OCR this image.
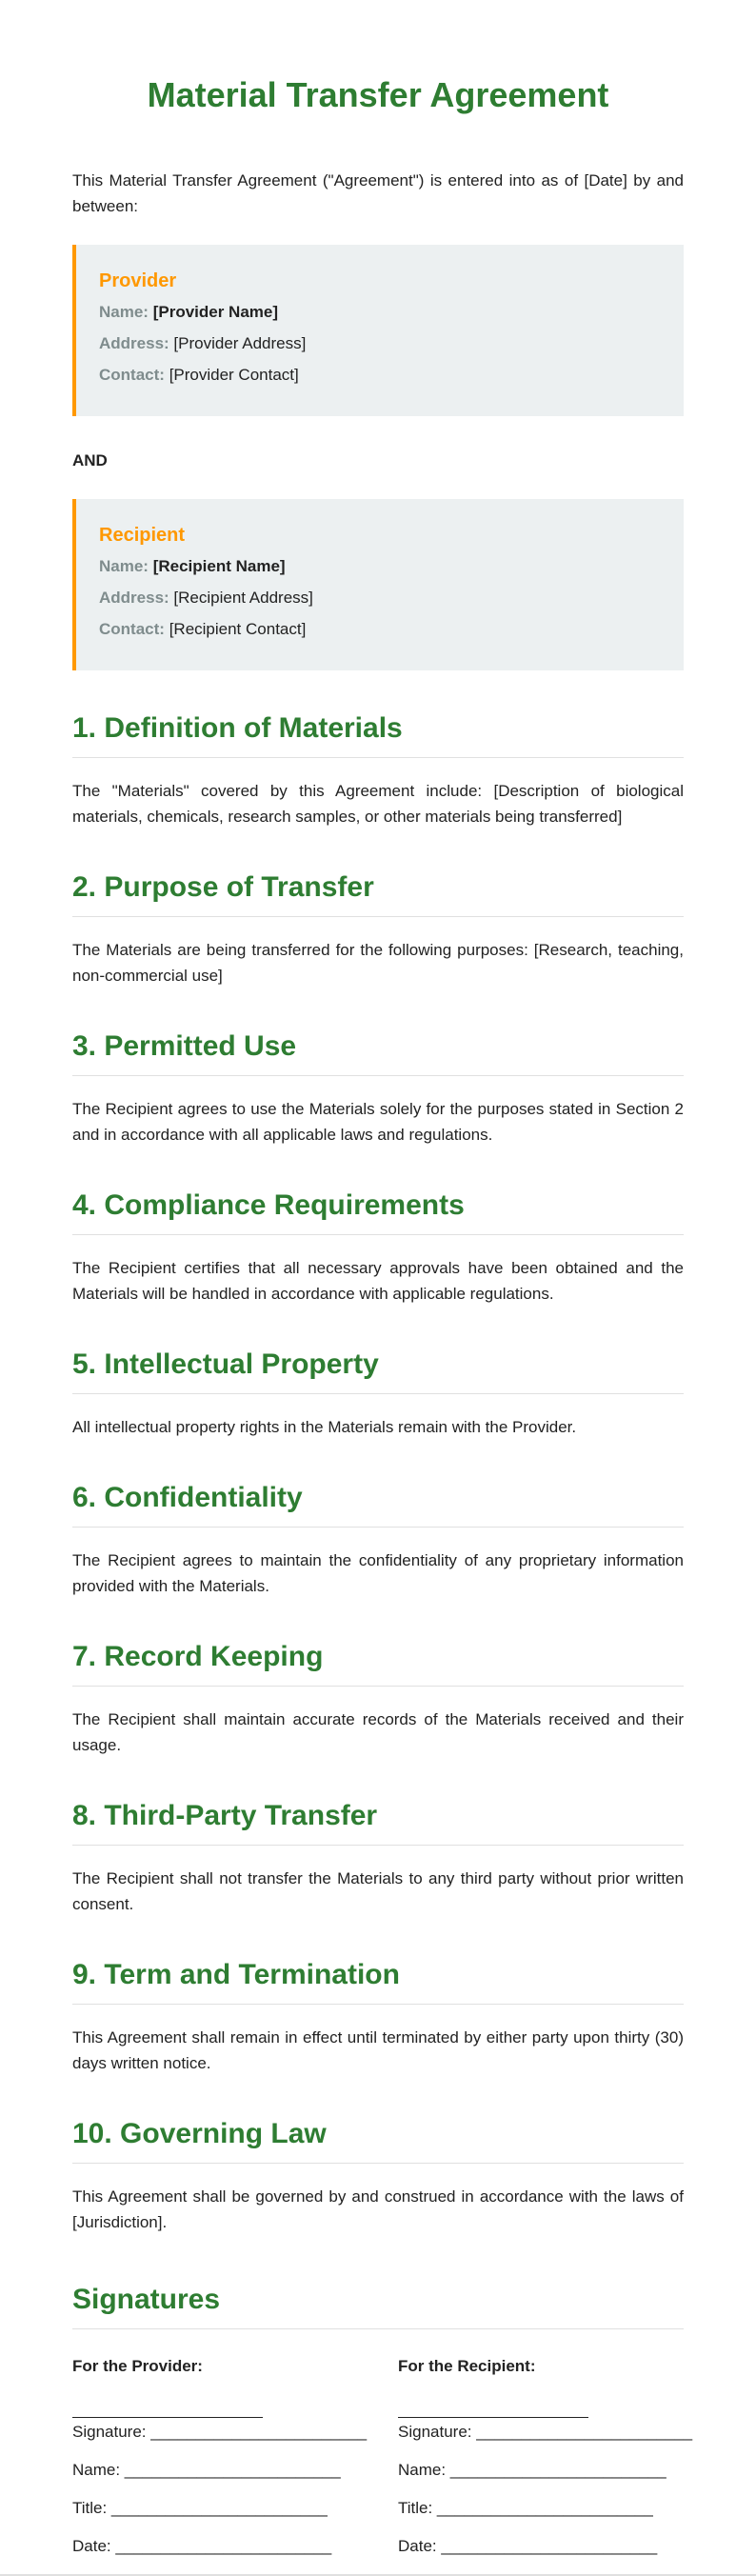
Material Transfer Agreement

This Material Transfer Agreement ("Agreement") is entered into as of [Date] by and between:

Provider
Name: [Provider Name]
Address: [Provider Address]
Contact: [Provider Contact]
AND
Recipient
Name: [Recipient Name]
Address: [Recipient Address]
Contact: [Recipient Contact]
1. Definition of Materials

The "Materials" covered by this Agreement include: [Description of biological materials, chemicals, research samples, or other materials being transferred]

2. Purpose of Transfer

The Materials are being transferred for the following purposes: [Research, teaching, non-commercial use]

3. Permitted Use

The Recipient agrees to use the Materials solely for the purposes stated in Section 2 and in accordance with all applicable laws and regulations.

4. Compliance Requirements

The Recipient certifies that all necessary approvals have been obtained and the Materials will be handled in accordance with applicable regulations.

5. Intellectual Property

All intellectual property rights in the Materials remain with the Provider.

6. Confidentiality

The Recipient agrees to maintain the confidentiality of any proprietary information provided with the Materials.

7. Record Keeping

The Recipient shall maintain accurate records of the Materials received and their usage.

8. Third-Party Transfer

The Recipient shall not transfer the Materials to any third party without prior written consent.

9. Term and Termination

This Agreement shall remain in effect until terminated by either party upon thirty (30) days written notice.

10. Governing Law

This Agreement shall be governed by and construed in accordance with the laws of [Jurisdiction].

Signatures
For the Provider:
Signature: ________________________
Name: ________________________
Title: ________________________
Date: ________________________
For the Recipient:
Signature: ________________________
Name: ________________________
Title: ________________________
Date: ________________________
